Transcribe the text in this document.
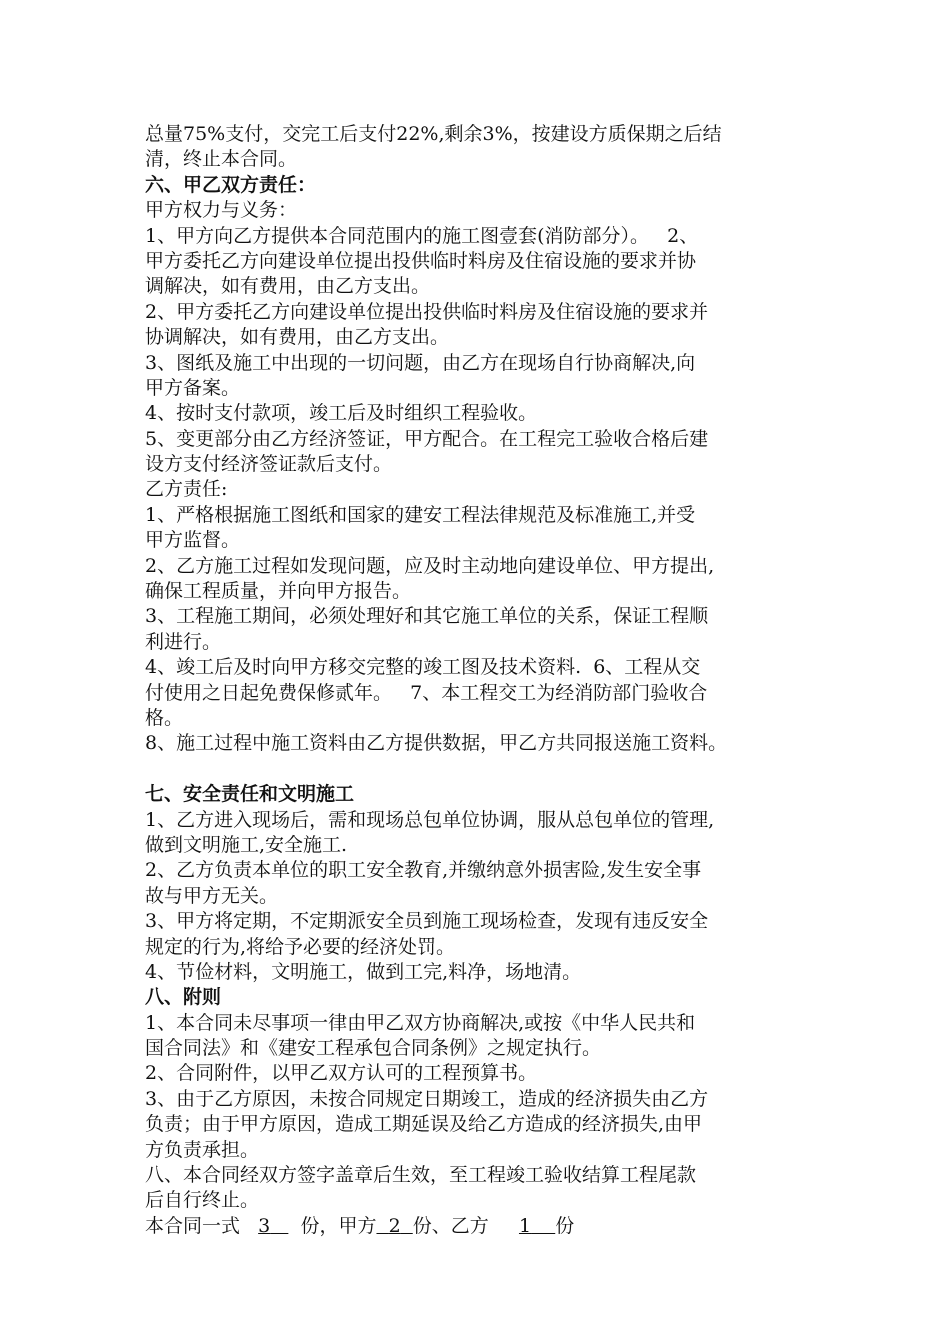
总量75%支付，交完工后支付22%,剩余3%，按建设方质保期之后结
清，终止本合同。
六、甲乙双方责任：
甲方权力与义务：
1、甲方向乙方提供本合同范围内的施工图壹套(消防部分）。   2、
甲方委托乙方向建设单位提出投供临时料房及住宿设施的要求并协
调解决，如有费用，由乙方支出。
2、甲方委托乙方向建设单位提出投供临时料房及住宿设施的要求并
协调解决，如有费用，由乙方支出。
3、图纸及施工中出现的一切问题，由乙方在现场自行协商解决,向
甲方备案。
4、按时支付款项，竣工后及时组织工程验收。
5、变更部分由乙方经济签证，甲方配合。在工程完工验收合格后建
设方支付经济签证款后支付。
乙方责任:
1、严格根据施工图纸和国家的建安工程法律规范及标准施工,并受
甲方监督。
2、乙方施工过程如发现问题，应及时主动地向建设单位、甲方提出,
确保工程质量，并向甲方报告。
3、工程施工期间，必须处理好和其它施工单位的关系，保证工程顺
利进行。
4、竣工后及时向甲方移交完整的竣工图及技术资料.  6、工程从交
付使用之日起免费保修贰年。   7、本工程交工为经消防部门验收合
格。
8、施工过程中施工资料由乙方提供数据，甲乙方共同报送施工资料。
七、安全责任和文明施工
1、乙方进入现场后，需和现场总包单位协调，服从总包单位的管理,
做到文明施工,安全施工.
2、乙方负责本单位的职工安全教育,并缴纳意外损害险,发生安全事
故与甲方无关。
3、甲方将定期，不定期派安全员到施工现场检查，发现有违反安全
规定的行为,将给予必要的经济处罚。
4、节俭材料，文明施工，做到工完,料净，场地清。
八、附则
1、本合同未尽事项一律由甲乙双方协商解决,或按《中华人民共和
国合同法》和《建安工程承包合同条例》之规定执行。
2、合同附件，以甲乙双方认可的工程预算书。
3、由于乙方原因，未按合同规定日期竣工，造成的经济损失由乙方
负责；由于甲方原因，造成工期延误及给乙方造成的经济损失,由甲
方负责承担。
八、本合同经双方签字盖章后生效，至工程竣工验收结算工程尾款
后自行终止。
本合同一式 3 份，甲方 2 份、乙方 1 份
